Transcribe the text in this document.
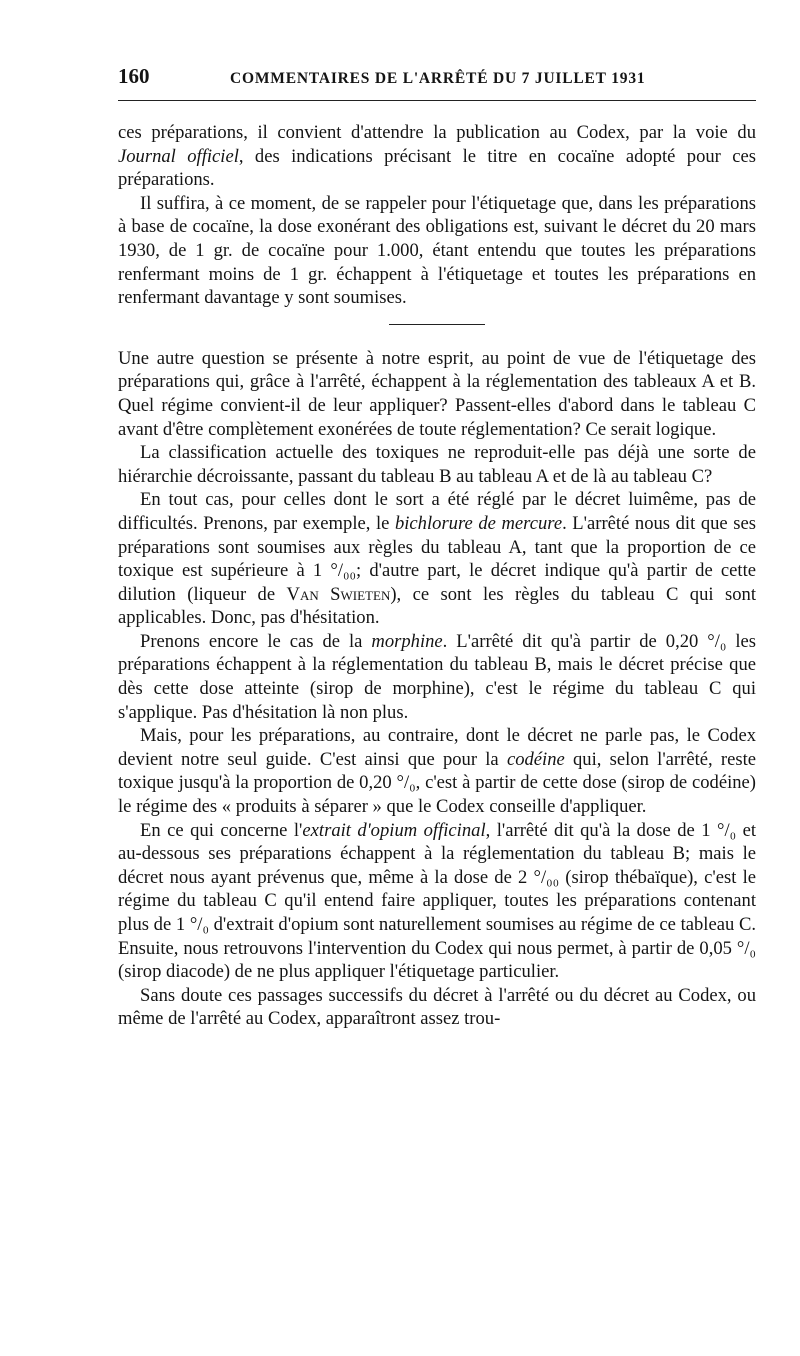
160	COMMENTAIRES DE L'ARRÊTÉ DU 7 JUILLET 1931

ces préparations, il convient d'attendre la publication au Codex, par la voie du Journal officiel, des indications précisant le titre en cocaïne adopté pour ces préparations.

Il suffira, à ce moment, de se rappeler pour l'étiquetage que, dans les préparations à base de cocaïne, la dose exonérant des obligations est, suivant le décret du 20 mars 1930, de 1 gr. de cocaïne pour 1.000, étant entendu que toutes les préparations renfermant moins de 1 gr. échappent à l'étiquetage et toutes les préparations en renfermant davantage y sont soumises.

Une autre question se présente à notre esprit, au point de vue de l'étiquetage des préparations qui, grâce à l'arrêté, échappent à la réglementation des tableaux A et B. Quel régime convient-il de leur appliquer? Passent-elles d'abord dans le tableau C avant d'être complètement exonérées de toute réglementation? Ce serait logique.

La classification actuelle des toxiques ne reproduit-elle pas déjà une sorte de hiérarchie décroissante, passant du tableau B au tableau A et de là au tableau C?

En tout cas, pour celles dont le sort a été réglé par le décret luimême, pas de difficultés. Prenons, par exemple, le bichlorure de mercure. L'arrêté nous dit que ses préparations sont soumises aux règles du tableau A, tant que la proportion de ce toxique est supérieure à 1 °/₀₀; d'autre part, le décret indique qu'à partir de cette dilution (liqueur de Van Swieten), ce sont les règles du tableau C qui sont applicables. Donc, pas d'hésitation.

Prenons encore le cas de la morphine. L'arrêté dit qu'à partir de 0,20 °/₀ les préparations échappent à la réglementation du tableau B, mais le décret précise que dès cette dose atteinte (sirop de morphine), c'est le régime du tableau C qui s'applique. Pas d'hésitation là non plus.

Mais, pour les préparations, au contraire, dont le décret ne parle pas, le Codex devient notre seul guide. C'est ainsi que pour la codéine qui, selon l'arrêté, reste toxique jusqu'à la proportion de 0,20 °/₀, c'est à partir de cette dose (sirop de codéine) le régime des « produits à séparer » que le Codex conseille d'appliquer.

En ce qui concerne l'extrait d'opium officinal, l'arrêté dit qu'à la dose de 1 °/₀ et au-dessous ses préparations échappent à la réglementation du tableau B; mais le décret nous ayant prévenus que, même à la dose de 2 °/₀₀ (sirop thébaïque), c'est le régime du tableau C qu'il entend faire appliquer, toutes les préparations contenant plus de 1 °/₀ d'extrait d'opium sont naturellement soumises au régime de ce tableau C. Ensuite, nous retrouvons l'intervention du Codex qui nous permet, à partir de 0,05 °/₀ (sirop diacode) de ne plus appliquer l'étiquetage particulier.

Sans doute ces passages successifs du décret à l'arrêté ou du décret au Codex, ou même de l'arrêté au Codex, apparaîtront assez trou-
